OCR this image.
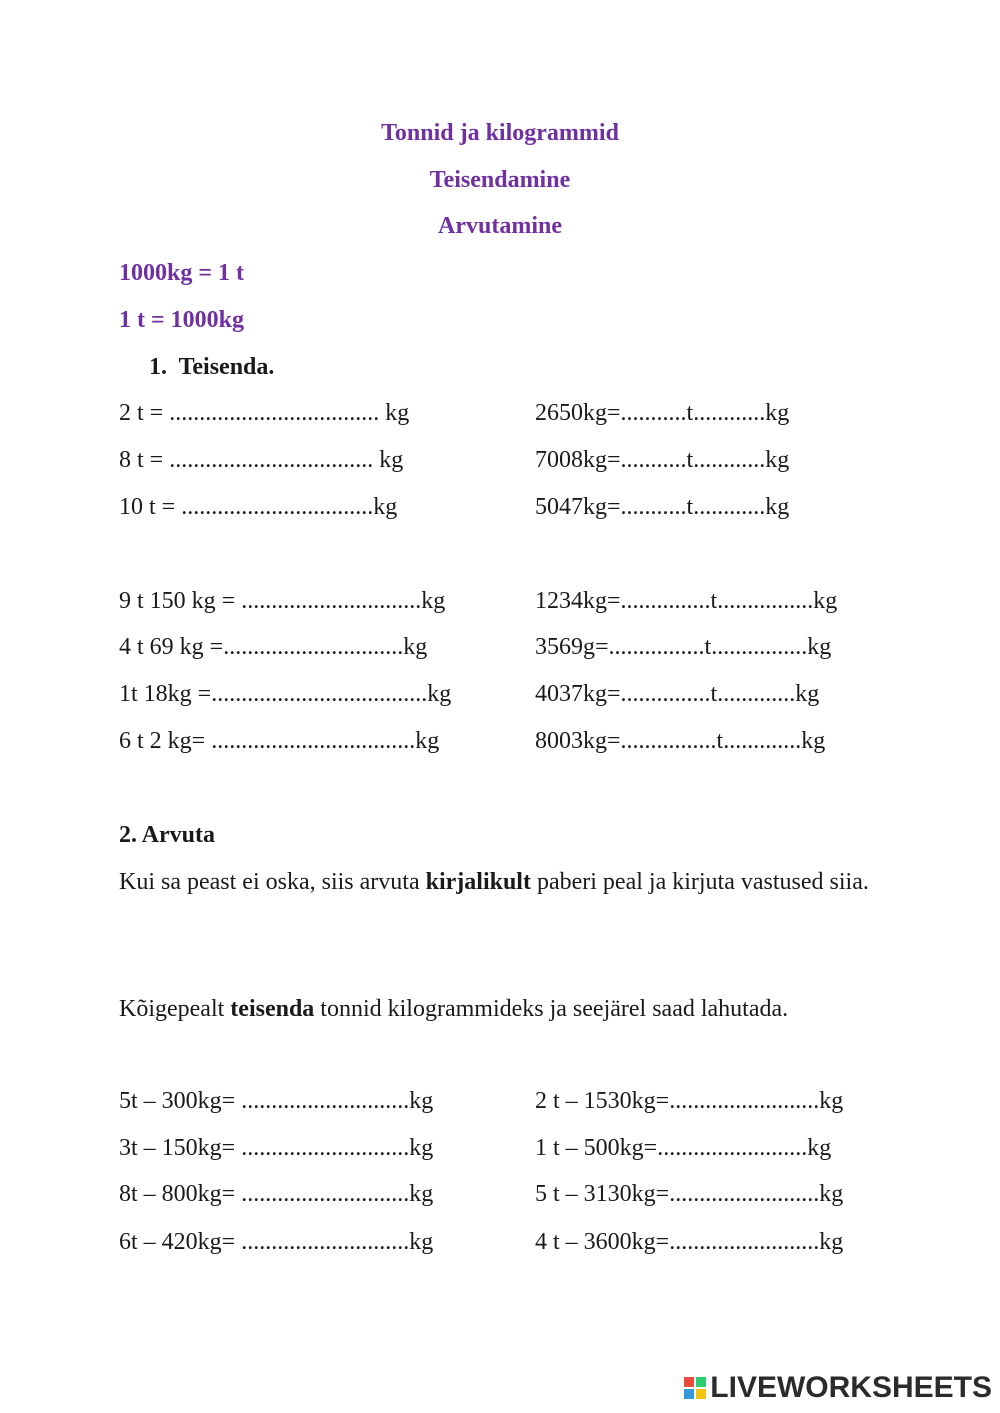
Tonnid ja kilogrammid
Teisendamine
Arvutamine
1000kg = 1 t
1 t = 1000kg
1. Teisenda.
2 t = ................................... kg
8 t = .................................. kg
10 t = ................................kg
2650kg=...........t............kg
7008kg=...........t............kg
5047kg=...........t............kg
9 t 150 kg = ..............................kg
4 t 69 kg =..............................kg
1t 18kg =....................................kg
6 t 2 kg= ..................................kg
1234kg=...............t................kg
3569g=................t................kg
4037kg=...............t.............kg
8003kg=................t.............kg
2. Arvuta
Kui sa peast ei oska, siis arvuta kirjalikult paberi peal ja kirjuta vastused siia.
Kõigepealt teisenda tonnid kilogrammideks ja seejärel saad lahutada.
5t – 300kg= ............................kg
3t – 150kg= ............................kg
8t – 800kg= ............................kg
6t – 420kg= ............................kg
2 t – 1530kg=.........................kg
1 t – 500kg=.........................kg
5 t – 3130kg=.........................kg
4 t – 3600kg=.........................kg
LIVEWORKSHEETS
